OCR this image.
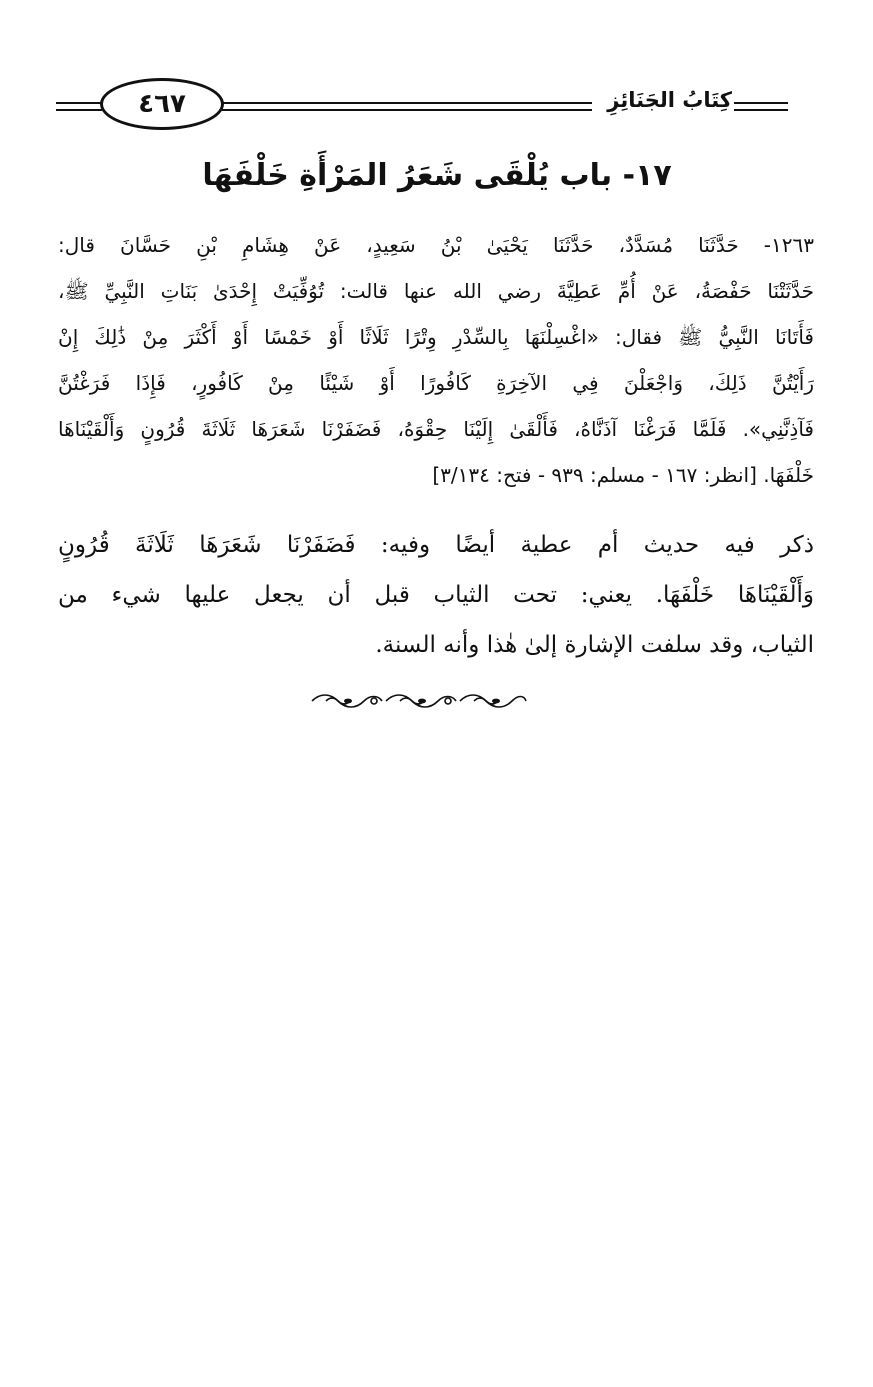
٤٦٧	كِتَابُ الجَنَائِزِ
١٧- باب يُلْقَى شَعَرُ المَرْأَةِ خَلْفَهَا
١٢٦٣- حَدَّثَنَا مُسَدَّدٌ، حَدَّثَنَا يَحْيَىٰ بْنُ سَعِيدٍ، عَنْ هِشَامِ بْنِ حَسَّانَ قال:
حَدَّثَتْنَا حَفْصَةُ، عَنْ أُمِّ عَطِيَّةَ رضي الله عنها قالت: تُوُفِّيَتْ إِحْدَىٰ بَنَاتِ النَّبِيِّ ﷺ،
فَأَتَانَا النَّبِيُّ ﷺ فقال: «اغْسِلْنَهَا بِالسِّدْرِ وِتْرًا ثَلَاثًا أَوْ خَمْسًا أَوْ أَكْثَرَ مِنْ ذَٰلِكَ إِنْ
رَأَيْتُنَّ ذَلِكَ، وَاجْعَلْنَ فِي الآخِرَةِ كَافُورًا أَوْ شَيْئًا مِنْ كَافُورٍ، فَإِذَا فَرَغْتُنَّ
فَآذِنَّنِي». فَلَمَّا فَرَغْنَا آذَنَّاهُ، فَأَلْقَىٰ إِلَيْنَا حِقْوَهُ، فَضَفَرْنَا شَعَرَهَا ثَلَاثَةَ قُرُونٍ وَأَلْقَيْنَاهَا
خَلْفَهَا. [انظر: ١٦٧ - مسلم: ٩٣٩ - فتح: ٣/١٣٤]
ذكر فيه حديث أم عطية أيضًا وفيه: فَضَفَرْنَا شَعَرَهَا ثَلَاثَةَ قُرُونٍ
وَأَلْقَيْنَاهَا خَلْفَهَا. يعني: تحت الثياب قبل أن يجعل عليها شيء من
الثياب، وقد سلفت الإشارة إلىٰ هٰذا وأنه السنة.
